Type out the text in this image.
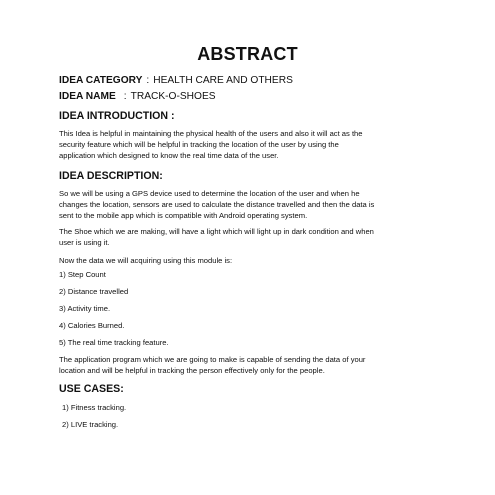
ABSTRACT
IDEA CATEGORY : HEALTH CARE AND OTHERS
IDEA NAME : TRACK-O-SHOES
IDEA INTRODUCTION :
This Idea is helpful in maintaining the physical health of the users and also it will act as the
security feature which will be helpful in tracking the location of the user by using the
application which designed to know the real time data of the user.
IDEA DESCRIPTION:
So we will be using a GPS device used to determine the location of the user and when he
changes the location, sensors are used to calculate the distance travelled and then the data is
sent to the mobile app which is compatible with Android operating system.
The Shoe which we are making, will have a light which will light up in dark condition and when
user is using it.
Now the data we will acquiring using this module is:
1) Step Count
2) Distance travelled
3) Activity time.
4) Calories Burned.
5) The real time tracking feature.
The application program which we are going to make is capable of sending the data of your
location and will be helpful in tracking the person effectively only for the people.
USE CASES:
1) Fitness tracking.
2) LIVE tracking.
